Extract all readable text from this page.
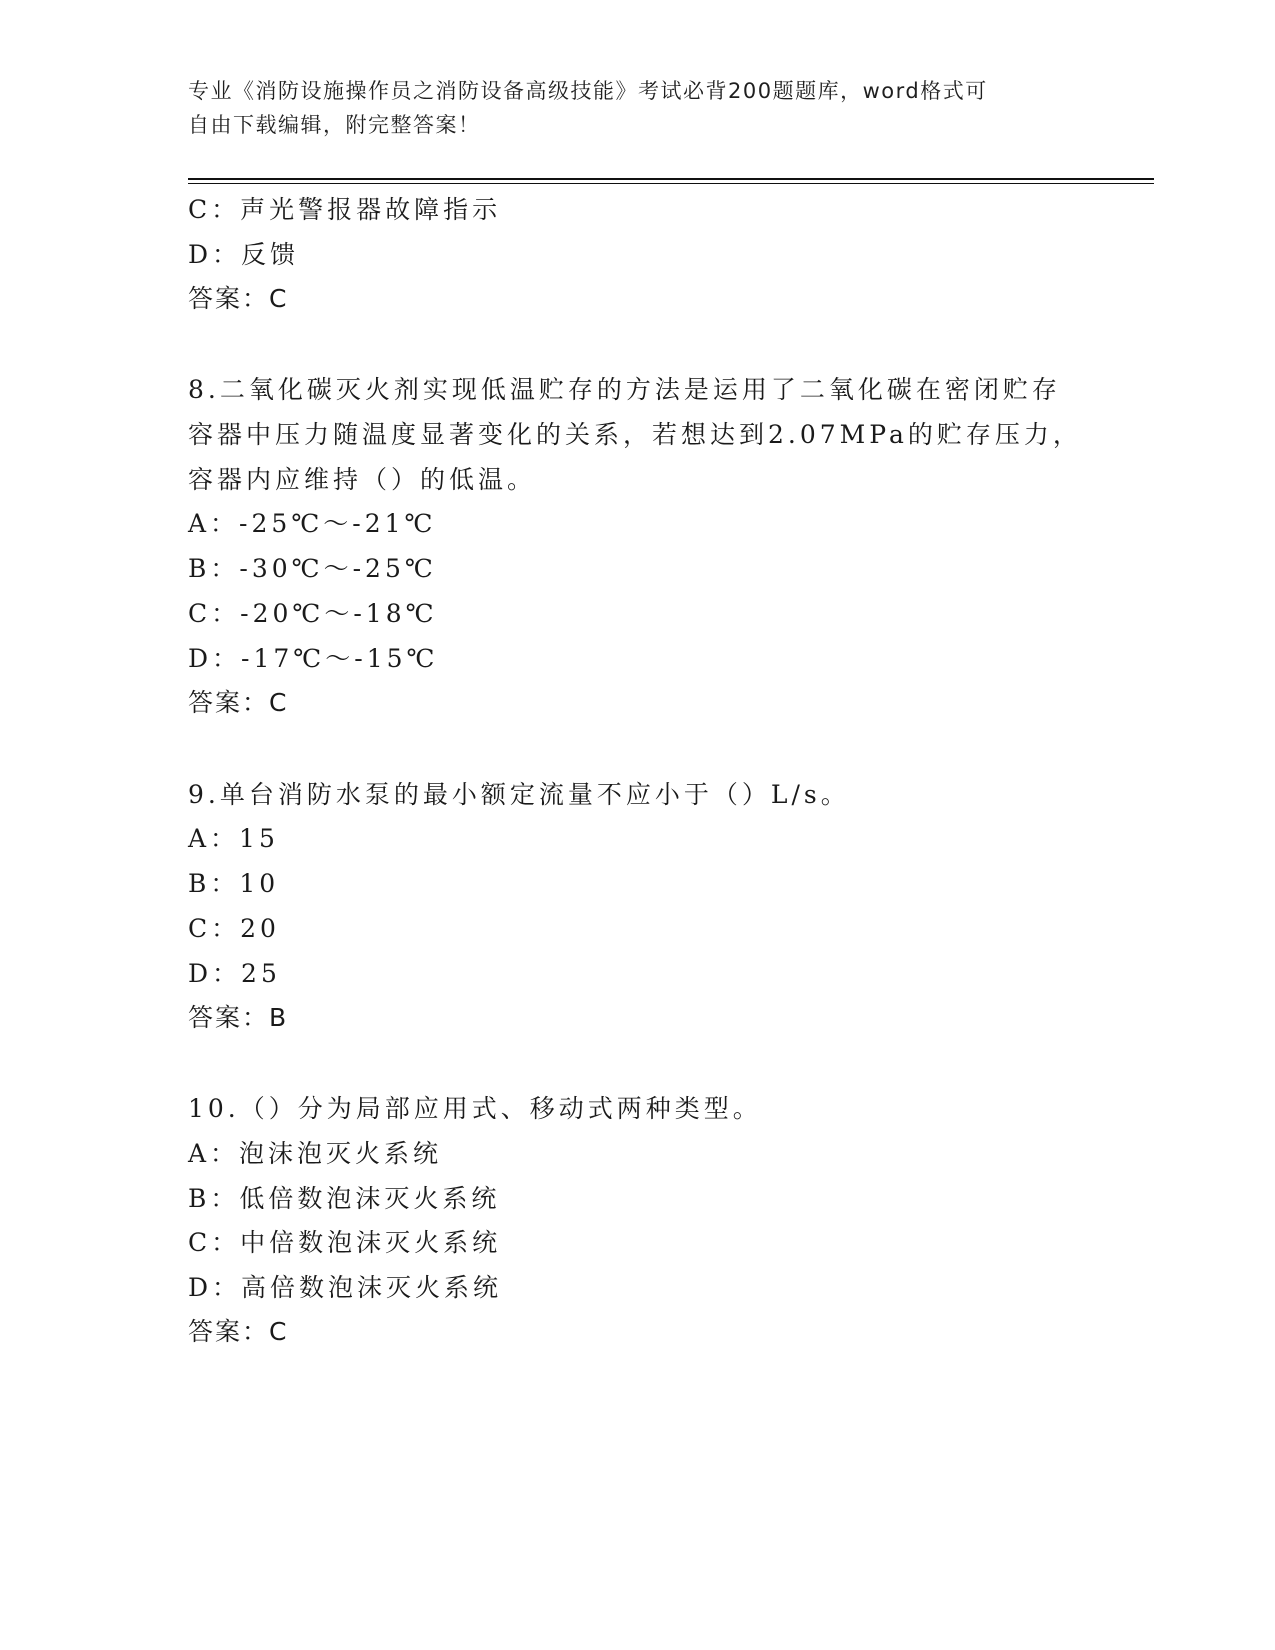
专业《消防设施操作员之消防设备高级技能》考试必背200题题库，word格式可
自由下载编辑，附完整答案！
C：声光警报器故障指示
D：反馈
答案：C
8.二氧化碳灭火剂实现低温贮存的方法是运用了二氧化碳在密闭贮存
容器中压力随温度显著变化的关系，若想达到2.07MPa的贮存压力，
容器内应维持（）的低温。
A：-25℃～-21℃
B：-30℃～-25℃
C：-20℃～-18℃
D：-17℃～-15℃
答案：C
9.单台消防水泵的最小额定流量不应小于（）L/s。
A：15
B：10
C：20
D：25
答案：B
10.（）分为局部应用式、移动式两种类型。
A：泡沫泡灭火系统
B：低倍数泡沫灭火系统
C：中倍数泡沫灭火系统
D：高倍数泡沫灭火系统
答案：C
